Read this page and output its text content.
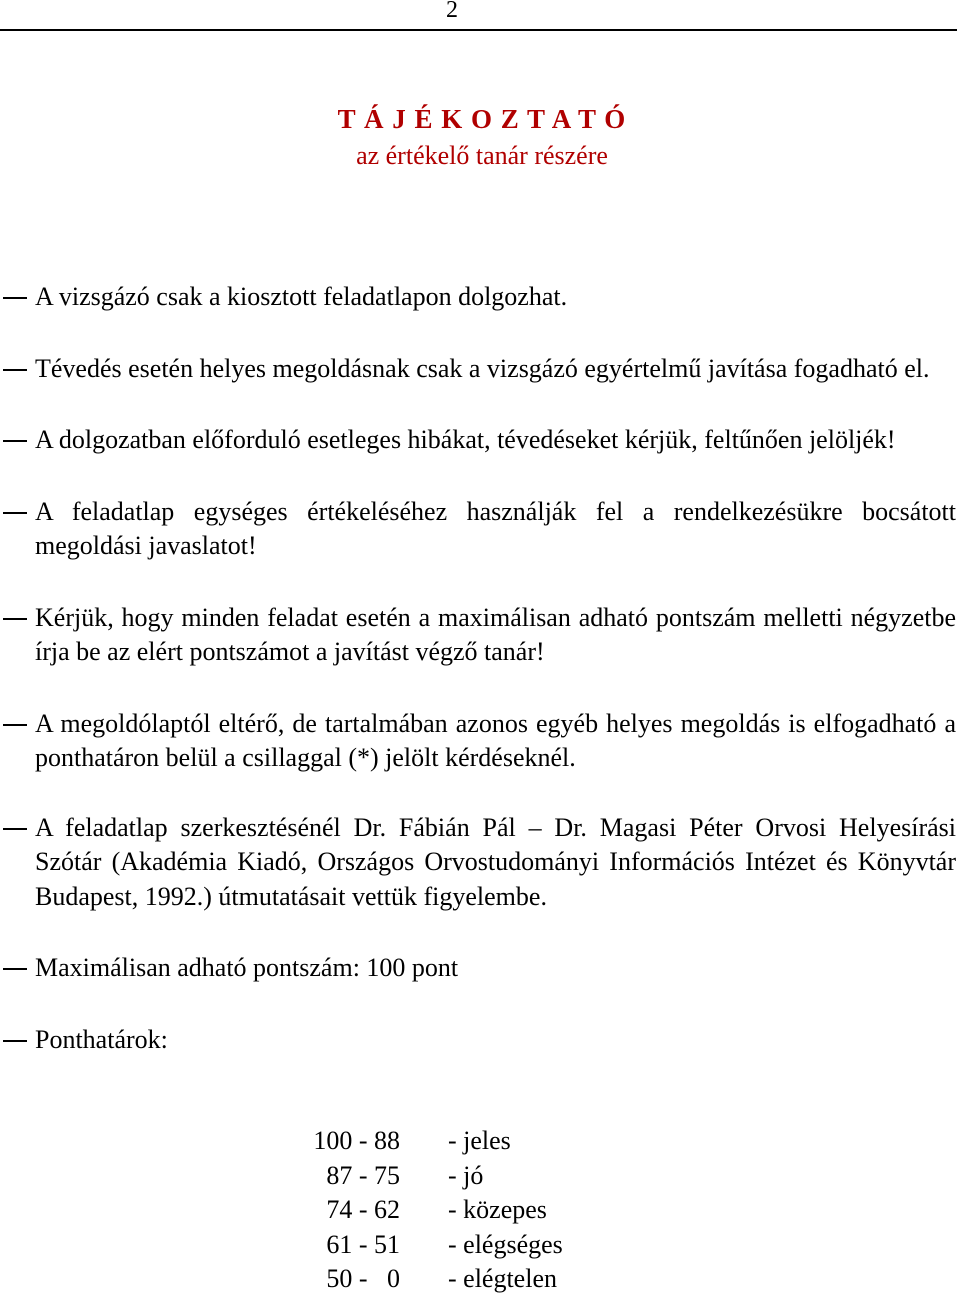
2
T Á J É K O Z T A T Ó
az értékelő tanár részére
A vizsgázó csak a kiosztott feladatlapon dolgozhat.
Tévedés esetén helyes megoldásnak csak a vizsgázó egyértelmű javítása fogadható el.
A dolgozatban előforduló esetleges hibákat, tévedéseket kérjük, feltűnően jelöljék!
A feladatlap egységes értékeléséhez használják fel a rendelkezésükre bocsátott megoldási javaslatot!
Kérjük, hogy minden feladat esetén a maximálisan adható pontszám melletti négyzetbe írja be az elért pontszámot a javítást végző tanár!
A megoldólaptól eltérő, de tartalmában azonos egyéb helyes megoldás is elfogadható a ponthatáron belül a csillaggal (*) jelölt kérdéseknél.
A feladatlap szerkesztésénél Dr. Fábián Pál – Dr. Magasi Péter Orvosi Helyesírási Szótár (Akadémia Kiadó, Országos Orvostudományi Információs Intézet és Könyvtár Budapest, 1992.) útmutatásait vettük figyelembe.
Maximálisan adható pontszám: 100 pont
Ponthatárok:
100 - 88 - jeles
87 - 75 - jó
74 - 62 - közepes
61 - 51 - elégséges
50 -   0 - elégtelen
